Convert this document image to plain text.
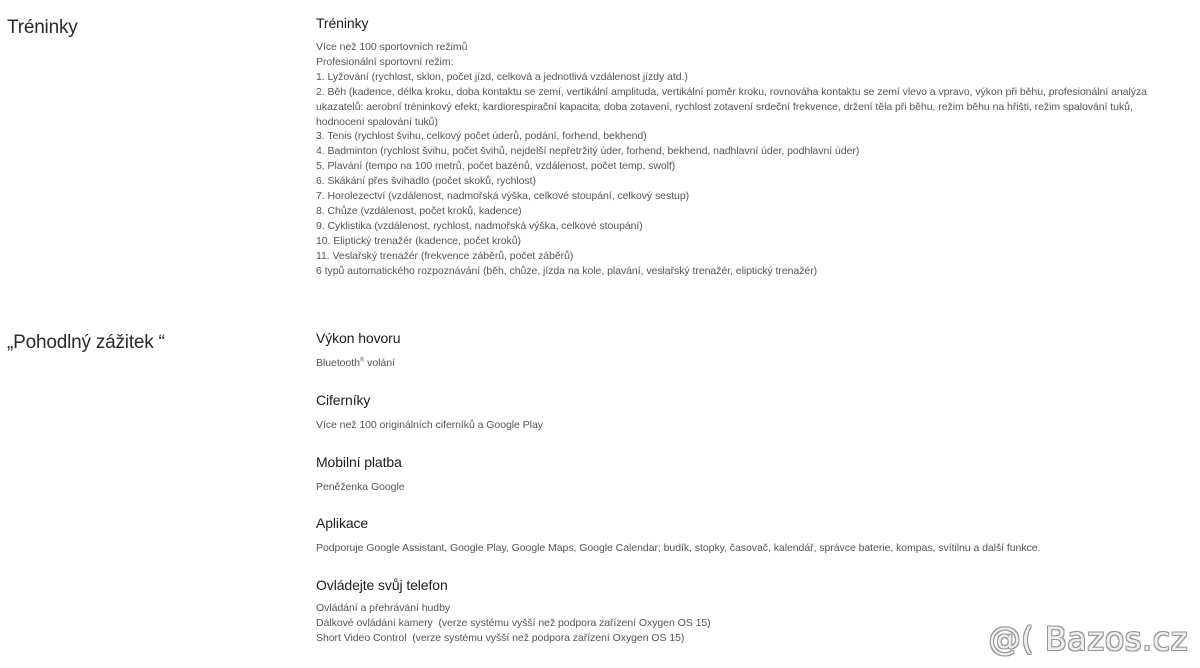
Tréninky	Tréninky
Více než 100 sportovních režimů
Profesionální sportovní režim:
1. Lyžování (rychlost, sklon, počet jízd, celková a jednotlivá vzdálenost jízdy atd.)
2. Běh (kadence, délka kroku, doba kontaktu se zemí, vertikální amplituda, vertikální poměr kroku, rovnováha kontaktu se zemí vlevo a vpravo, výkon při běhu, profesionální analýza
ukazatelů: aerobní tréninkový efekt, kardiorespirační kapacita, doba zotavení, rychlost zotavení srdeční frekvence, držení těla při běhu, režim běhu na hřišti, režim spalování tuků,
hodnocení spalování tuků)
3. Tenis (rychlost švihu, celkový počet úderů, podání, forhend, bekhend)
4. Badminton (rychlost švihu, počet švihů, nejdelší nepřetržitý úder, forhend, bekhend, nadhlavní úder, podhlavní úder)
5. Plavání (tempo na 100 metrů, počet bazénů, vzdálenost, počet temp, swolf)
6. Skákání přes švihadlo (počet skoků, rychlost)
7. Horolezectví (vzdálenost, nadmořská výška, celkové stoupání, celkový sestup)
8. Chůze (vzdálenost, počet kroků, kadence)
9. Cyklistika (vzdálenost, rychlost, nadmořská výška, celkové stoupání)
10. Eliptický trenažér (kadence, počet kroků)
11. Veslařský trenažér (frekvence záběrů, počet záběrů)
6 typů automatického rozpoznávání (běh, chůze, jízda na kole, plavání, veslařský trenažér, eliptický trenažér)
„Pohodlný zážitek “	Výkon hovoru
Bluetooth® volání
Ciferníky
Více než 100 originálních ciferníků a Google Play
Mobilní platba
Peněženka Google
Aplikace
Podporuje Google Assistant, Google Play, Google Maps, Google Calendar; budík, stopky, časovač, kalendář, správce baterie, kompas, svítilnu a další funkce.
Ovládejte svůj telefon
Ovládání a přehrávání hudby
Dálkové ovládání kamery  (verze systému vyšší než podpora zařízení Oxygen OS 15)
Short Video Control  (verze systému vyšší než podpora zařízení Oxygen OS 15)	@( Bazos.cz
